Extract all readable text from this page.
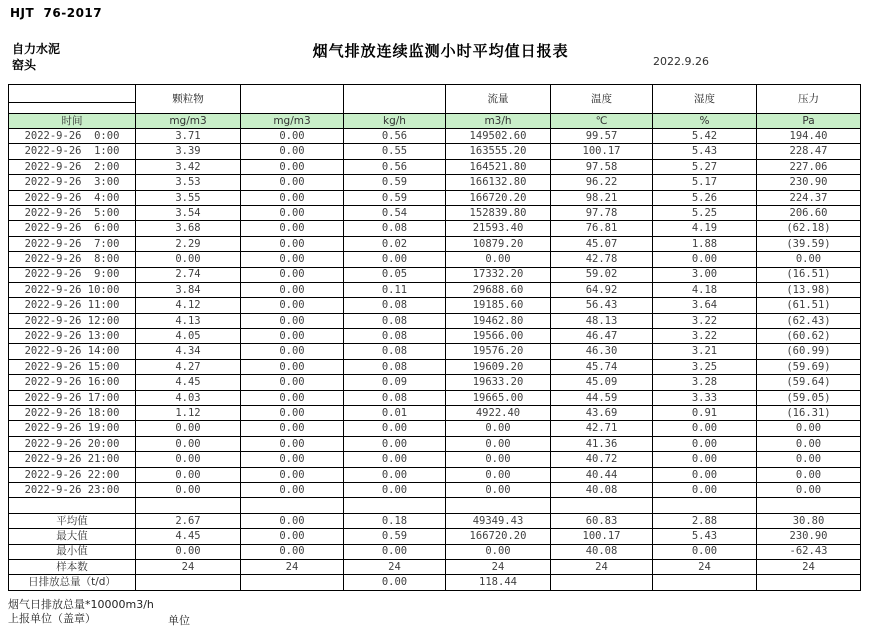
HJT  76-2017

烟气排放连续监测小时平均值日报表

自力水泥
窑头	2022.9.26
	颗粒物			流量	温度	湿度	压力

时间	mg/m3	mg/m3	kg/h	m3/h	℃	%	Pa
2022-9-26  0:00	3.71	0.00	0.56	149502.60	99.57	5.42	194.40
2022-9-26  1:00	3.39	0.00	0.55	163555.20	100.17	5.43	228.47
2022-9-26  2:00	3.42	0.00	0.56	164521.80	97.58	5.27	227.06
2022-9-26  3:00	3.53	0.00	0.59	166132.80	96.22	5.17	230.90
2022-9-26  4:00	3.55	0.00	0.59	166720.20	98.21	5.26	224.37
2022-9-26  5:00	3.54	0.00	0.54	152839.80	97.78	5.25	206.60
2022-9-26  6:00	3.68	0.00	0.08	21593.40	76.81	4.19	(62.18)
2022-9-26  7:00	2.29	0.00	0.02	10879.20	45.07	1.88	(39.59)
2022-9-26  8:00	0.00	0.00	0.00	0.00	42.78	0.00	0.00
2022-9-26  9:00	2.74	0.00	0.05	17332.20	59.02	3.00	(16.51)
2022-9-26 10:00	3.84	0.00	0.11	29688.60	64.92	4.18	(13.98)
2022-9-26 11:00	4.12	0.00	0.08	19185.60	56.43	3.64	(61.51)
2022-9-26 12:00	4.13	0.00	0.08	19462.80	48.13	3.22	(62.43)
2022-9-26 13:00	4.05	0.00	0.08	19566.00	46.47	3.22	(60.62)
2022-9-26 14:00	4.34	0.00	0.08	19576.20	46.30	3.21	(60.99)
2022-9-26 15:00	4.27	0.00	0.08	19609.20	45.74	3.25	(59.69)
2022-9-26 16:00	4.45	0.00	0.09	19633.20	45.09	3.28	(59.64)
2022-9-26 17:00	4.03	0.00	0.08	19665.00	44.59	3.33	(59.05)
2022-9-26 18:00	1.12	0.00	0.01	4922.40	43.69	0.91	(16.31)
2022-9-26 19:00	0.00	0.00	0.00	0.00	42.71	0.00	0.00
2022-9-26 20:00	0.00	0.00	0.00	0.00	41.36	0.00	0.00
2022-9-26 21:00	0.00	0.00	0.00	0.00	40.72	0.00	0.00
2022-9-26 22:00	0.00	0.00	0.00	0.00	40.44	0.00	0.00
2022-9-26 23:00	0.00	0.00	0.00	0.00	40.08	0.00	0.00

平均值	2.67	0.00	0.18	49349.43	60.83	2.88	30.80
最大值	4.45	0.00	0.59	166720.20	100.17	5.43	230.90
最小值	0.00	0.00	0.00	0.00	40.08	0.00	-62.43
样本数	24	24	24	24	24	24	24
日排放总量（t/d）			0.00	118.44			
烟气日排放总量*10000m3/h
上报单位（盖章）	单位
